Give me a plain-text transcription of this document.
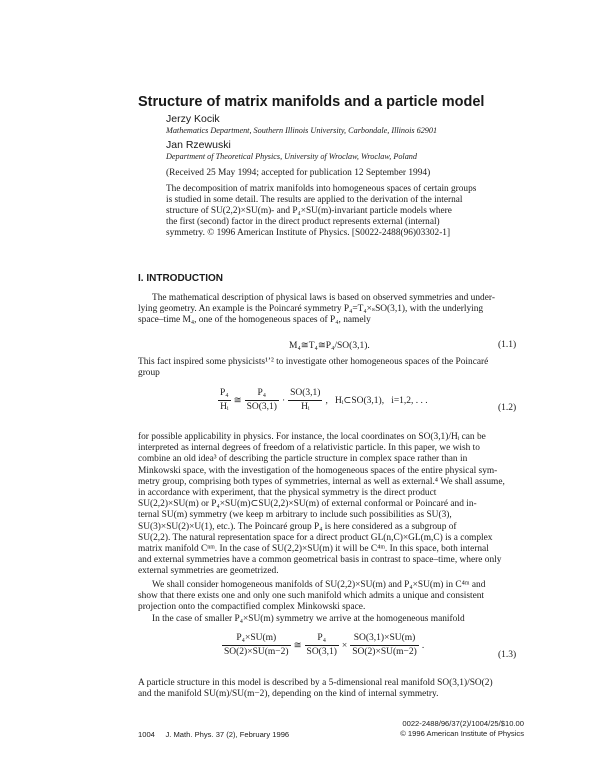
Structure of matrix manifolds and a particle model
Jerzy Kocik
Mathematics Department, Southern Illinois University, Carbondale, Illinois 62901
Jan Rzewuski
Department of Theoretical Physics, University of Wroclaw, Wroclaw, Poland
(Received 25 May 1994; accepted for publication 12 September 1994)
The decomposition of matrix manifolds into homogeneous spaces of certain groups
is studied in some detail. The results are applied to the derivation of the internal
structure of SU(2,2)×SU(m)- and P₄×SU(m)-invariant particle models where
the first (second) factor in the direct product represents external (internal)
symmetry. © 1996 American Institute of Physics. [S0022-2488(96)03302-1]
I. INTRODUCTION
The mathematical description of physical laws is based on observed symmetries and under-
lying geometry. An example is the Poincaré symmetry P₄=T₄×ₛSO(3,1), with the underlying
space–time M₄, one of the homogeneous spaces of P₄, namely
M₄≅T₄≅P₄/SO(3,1).	(1.1)
This fact inspired some physicists¹ʼ² to investigate other homogeneous spaces of the Poincaré
group
$\frac{\text{P₄}}{\text{Hᵢ}}$ ≅ $\frac{\text{P₄}}{SO(3,1)} \cdot \frac{SO(3,1)}{\text{Hᵢ}}$ ,   Hᵢ⊂SO(3,1),   i=1,2, . . .
(1.2)
for possible applicability in physics. For instance, the local coordinates on SO(3,1)/Hᵢ can be
interpreted as internal degrees of freedom of a relativistic particle. In this paper, we wish to
combine an old idea³ of describing the particle structure in complex space rather than in
Minkowski space, with the investigation of the homogeneous spaces of the entire physical sym-
metry group, comprising both types of symmetries, internal as well as external.⁴ We shall assume,
in accordance with experiment, that the physical symmetry is the direct product
SU(2,2)×SU(m) or P₄×SU(m)⊂SU(2,2)×SU(m) of external conformal or Poincaré and in-
ternal SU(m) symmetry (we keep m arbitrary to include such possibilities as SU(3),
SU(3)×SU(2)×U(1), etc.). The Poincaré group P₄ is here considered as a subgroup of
SU(2,2). The natural representation space for a direct product GL(n,C)×GL(m,C) is a complex
matrix manifold Cⁿᵐ. In the case of SU(2,2)×SU(m) it will be C⁴ᵐ. In this space, both internal
and external symmetries have a common geometrical basis in contrast to space–time, where only
external symmetries are geometrized.
We shall consider homogeneous manifolds of SU(2,2)×SU(m) and P₄×SU(m) in C⁴ᵐ and
show that there exists one and only one such manifold which admits a unique and consistent
projection onto the compactified complex Minkowski space.
In the case of smaller P₄×SU(m) symmetry we arrive at the homogeneous manifold
$\frac{\text{P₄×SU(m)}}{SO(2)\times SU(m-2)}$ ≅ $\frac{\text{P₄}}{SO(3,1)} \times \frac{SO(3,1)\times SU(m)}{SO(2)\times SU(m-2)}$ .
(1.3)
A particle structure in this model is described by a 5-dimensional real manifold SO(3,1)/SO(2)
and the manifold SU(m)/SU(m−2), depending on the kind of internal symmetry.
0022-2488/96/37(2)/1004/25/$10.00
© 1996 American Institute of Physics
1004 J. Math. Phys. 37 (2), February 1996
